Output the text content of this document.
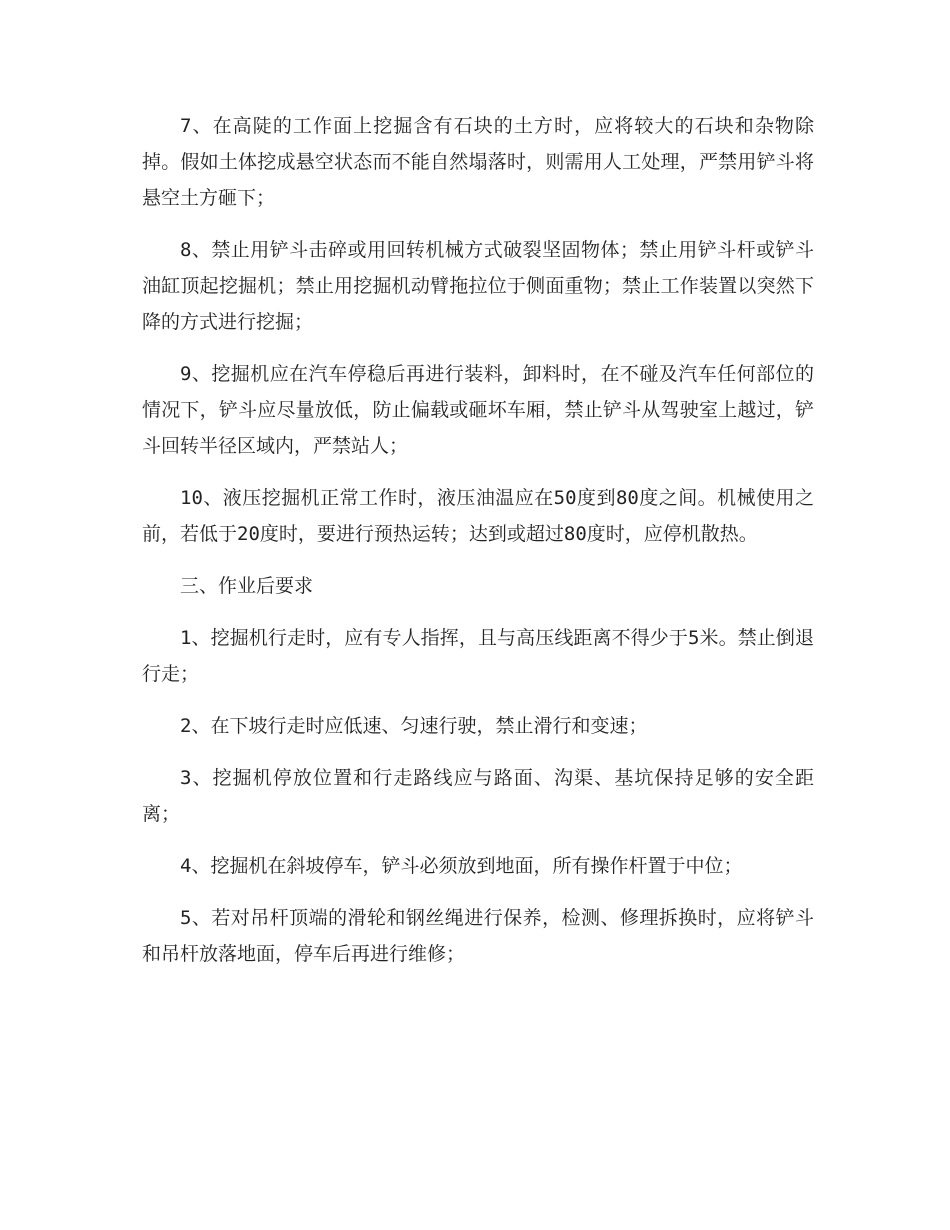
7、在高陡的工作面上挖掘含有石块的土方时，应将较大的石块和杂物除掉。假如土体挖成悬空状态而不能自然塌落时，则需用人工处理，严禁用铲斗将悬空土方砸下；

8、禁止用铲斗击碎或用回转机械方式破裂坚固物体；禁止用铲斗杆或铲斗油缸顶起挖掘机；禁止用挖掘机动臂拖拉位于侧面重物；禁止工作装置以突然下降的方式进行挖掘；

9、挖掘机应在汽车停稳后再进行装料，卸料时，在不碰及汽车任何部位的情况下，铲斗应尽量放低，防止偏载或砸坏车厢，禁止铲斗从驾驶室上越过，铲斗回转半径区域内，严禁站人；

10、液压挖掘机正常工作时，液压油温应在50度到80度之间。机械使用之前，若低于20度时，要进行预热运转；达到或超过80度时，应停机散热。

三、作业后要求

1、挖掘机行走时，应有专人指挥，且与高压线距离不得少于5米。禁止倒退行走；

2、在下坡行走时应低速、匀速行驶，禁止滑行和变速；

3、挖掘机停放位置和行走路线应与路面、沟渠、基坑保持足够的安全距离；

4、挖掘机在斜坡停车，铲斗必须放到地面，所有操作杆置于中位；

5、若对吊杆顶端的滑轮和钢丝绳进行保养，检测、修理拆换时，应将铲斗和吊杆放落地面，停车后再进行维修；
